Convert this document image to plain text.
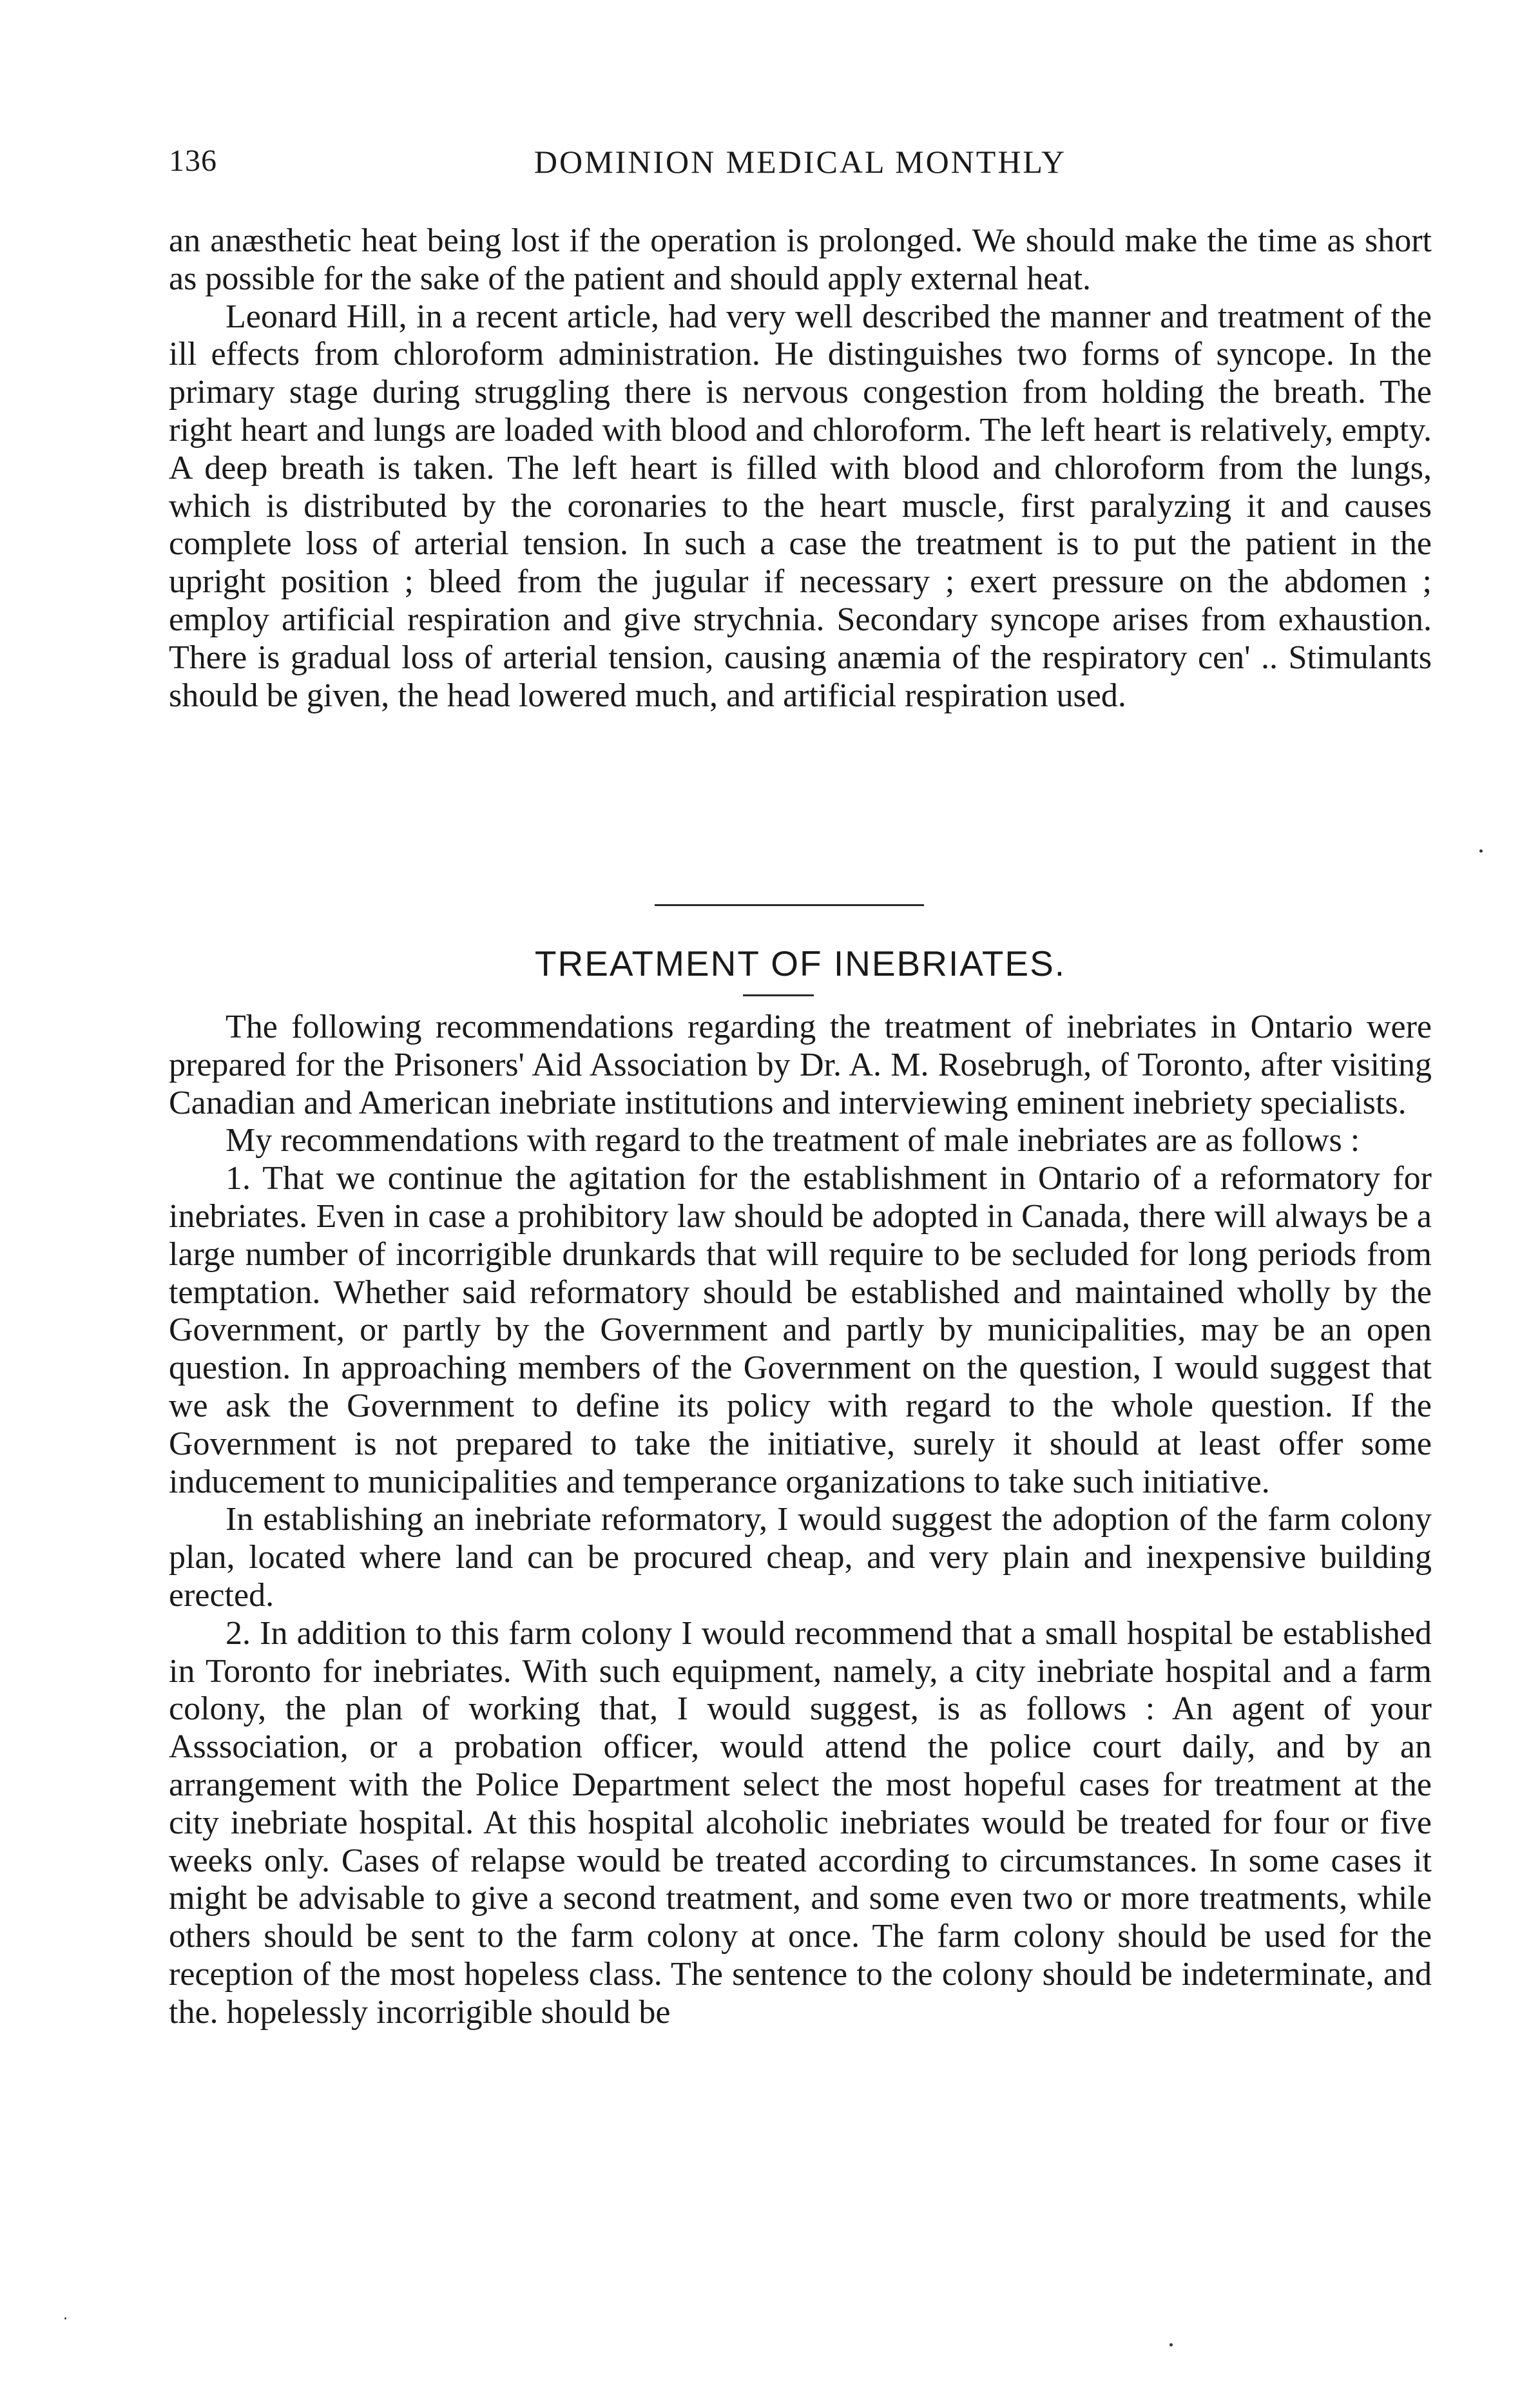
136	DOMINION MEDICAL MONTHLY

an anæsthetic heat being lost if the operation is prolonged. We should make the time as short as possible for the sake of the patient and should apply external heat.

Leonard Hill, in a recent article, had very well described the manner and treatment of the ill effects from chloroform administration. He distinguishes two forms of syncope. In the primary stage during struggling there is nervous congestion from holding the breath. The right heart and lungs are loaded with blood and chloroform. The left heart is relatively, empty. A deep breath is taken. The left heart is filled with blood and chloroform from the lungs, which is distributed by the coronaries to the heart muscle, first paralyzing it and causes complete loss of arterial tension. In such a case the treatment is to put the patient in the upright position ; bleed from the jugular if necessary ; exert pressure on the abdomen ; employ artificial respiration and give strychnia. Secondary syncope arises from exhaustion. There is gradual loss of arterial tension, causing anæmia of the respiratory cen' .. Stimulants should be given, the head lowered much, and artificial respiration used.

TREATMENT OF INEBRIATES.

The following recommendations regarding the treatment of inebriates in Ontario were prepared for the Prisoners' Aid Association by Dr. A. M. Rosebrugh, of Toronto, after visiting Canadian and American inebriate institutions and interviewing eminent inebriety specialists.

My recommendations with regard to the treatment of male inebriates are as follows :

1. That we continue the agitation for the establishment in Ontario of a reformatory for inebriates. Even in case a prohibitory law should be adopted in Canada, there will always be a large number of incorrigible drunkards that will require to be secluded for long periods from temptation. Whether said reformatory should be established and maintained wholly by the Government, or partly by the Government and partly by municipalities, may be an open question. In approaching members of the Government on the question, I would suggest that we ask the Government to define its policy with regard to the whole question. If the Government is not prepared to take the initiative, surely it should at least offer some inducement to municipalities and temperance organizations to take such initiative.

In establishing an inebriate reformatory, I would suggest the adoption of the farm colony plan, located where land can be procured cheap, and very plain and inexpensive building erected.

2. In addition to this farm colony I would recommend that a small hospital be established in Toronto for inebriates. With such equipment, namely, a city inebriate hospital and a farm colony, the plan of working that, I would suggest, is as follows : An agent of your Asssociation, or a probation officer, would attend the police court daily, and by an arrangement with the Police Department select the most hopeful cases for treatment at the city inebriate hospital. At this hospital alcoholic inebriates would be treated for four or five weeks only. Cases of relapse would be treated according to circumstances. In some cases it might be advisable to give a second treatment, and some even two or more treatments, while others should be sent to the farm colony at once. The farm colony should be used for the reception of the most hopeless class. The sentence to the colony should be indeterminate, and the. hopelessly incorrigible should be
